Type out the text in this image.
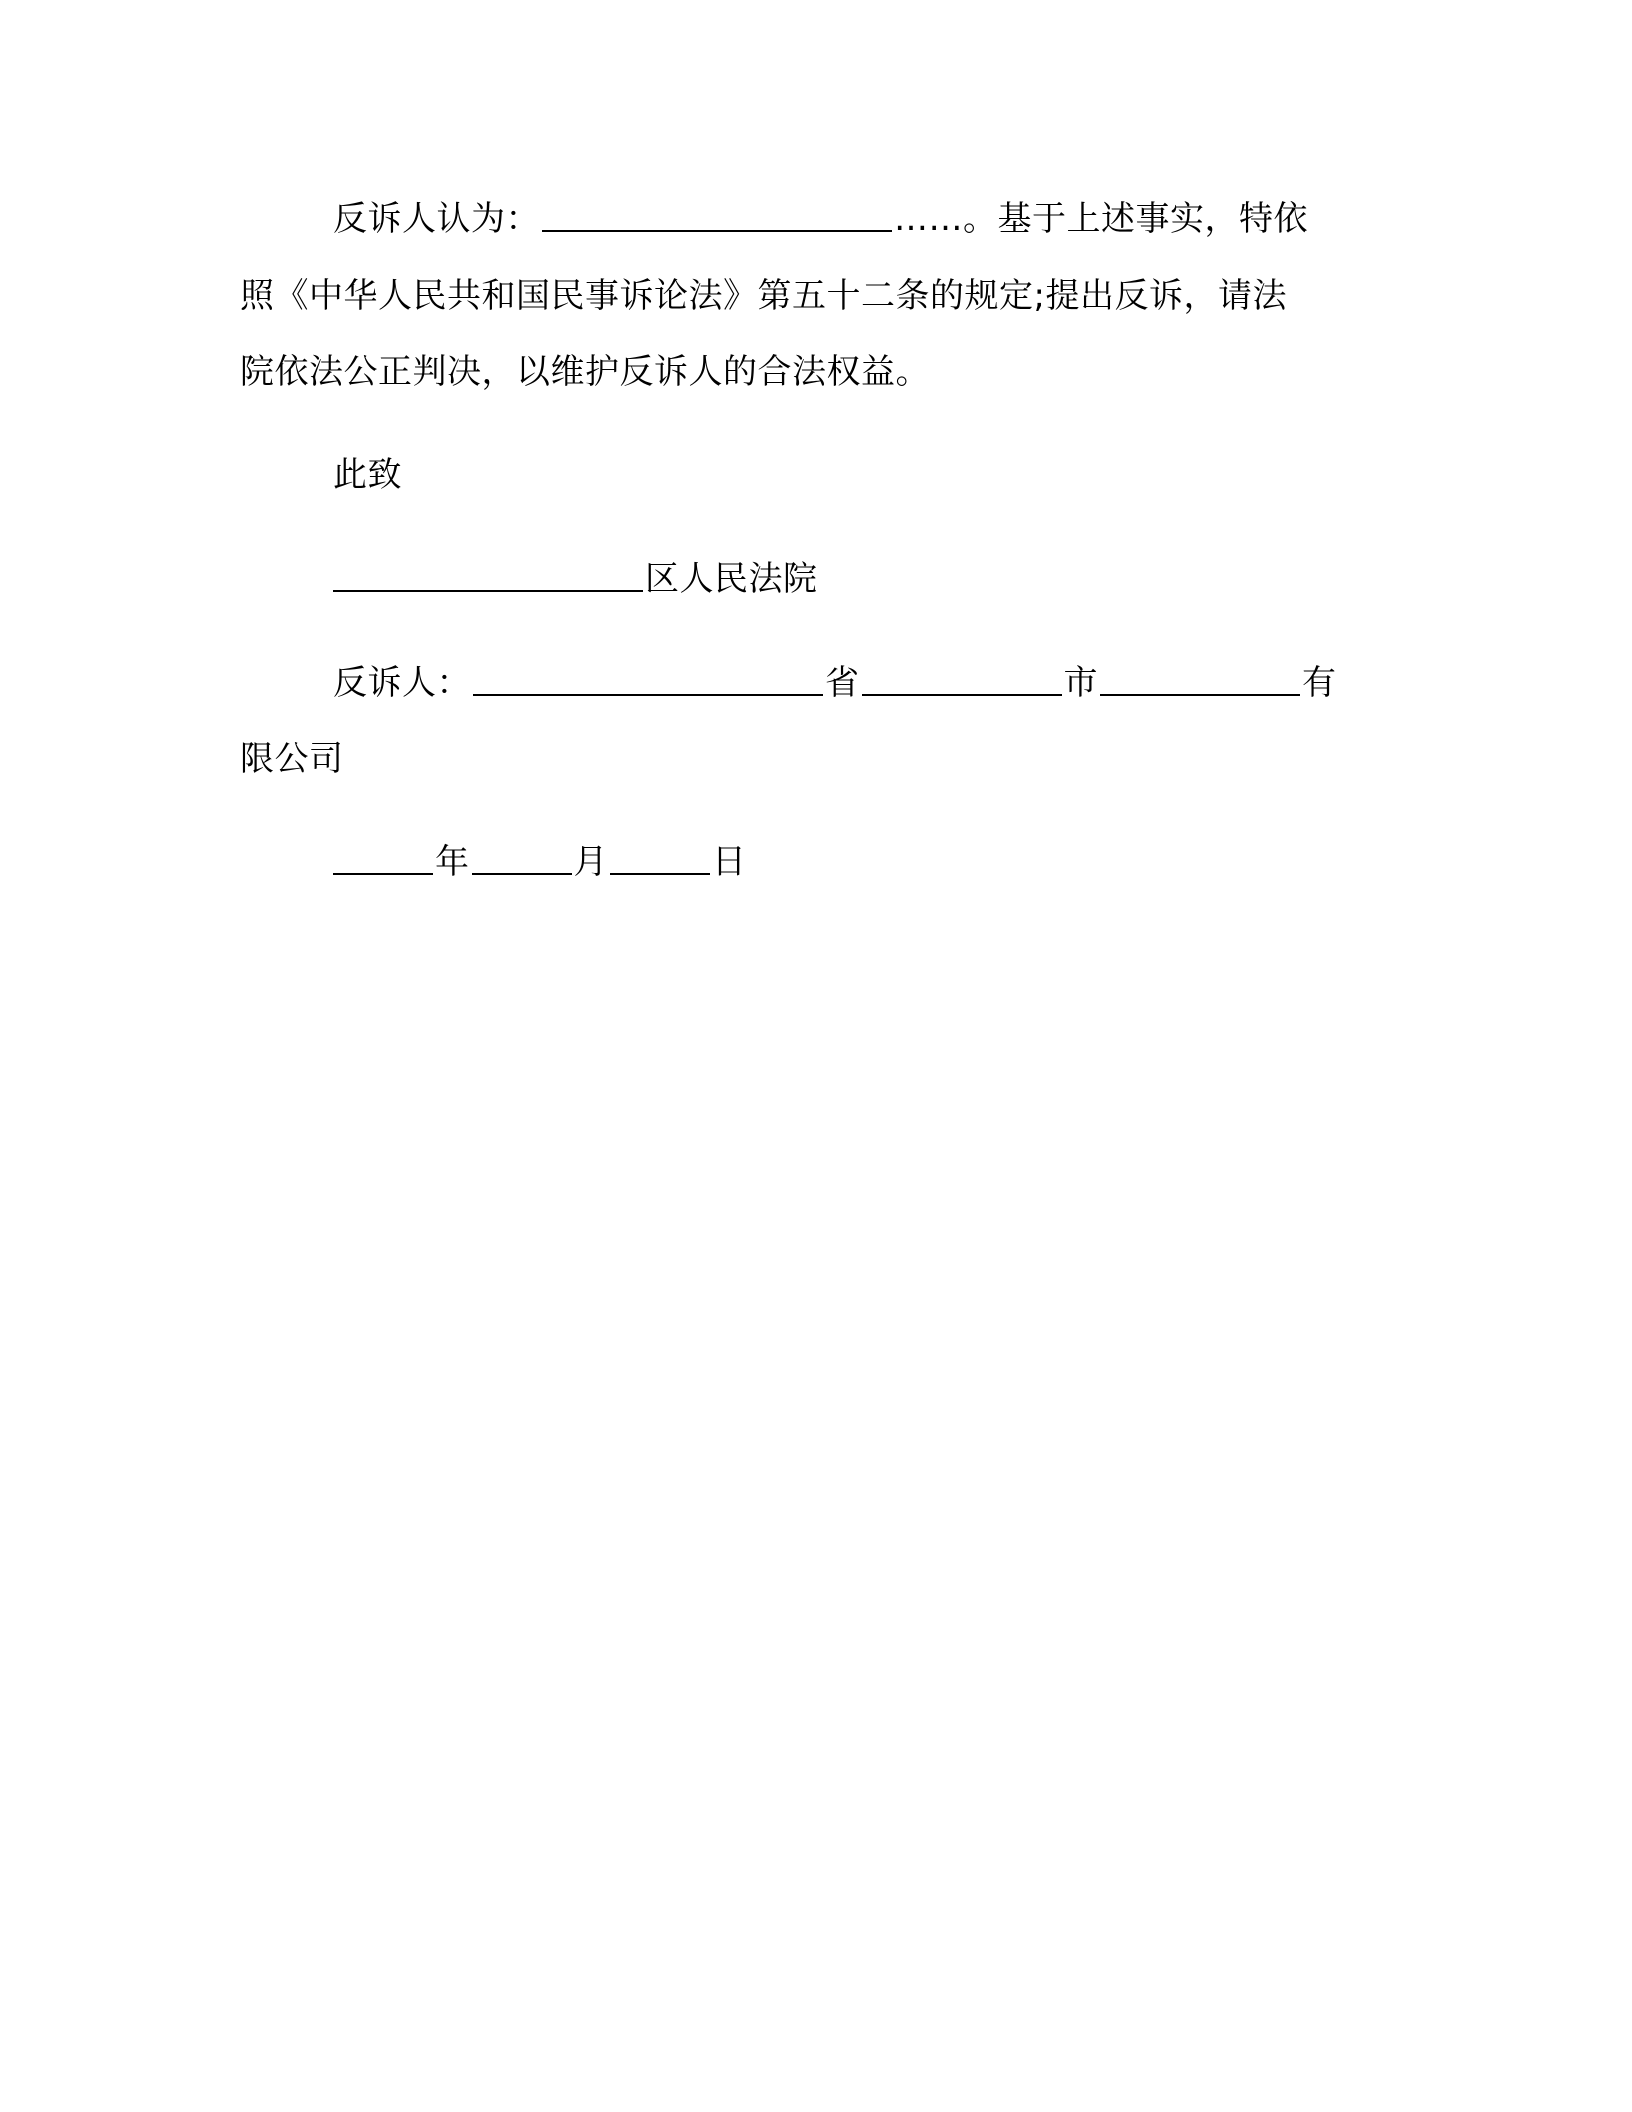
反诉人认为：	……。基于上述事实，特依
照《中华人民共和国民事诉论法》第五十二条的规定;提出反诉，请法
院依法公正判决，以维护反诉人的合法权益。
此致
区人民法院
反诉人：	省	市	有
限公司
年	月	日
